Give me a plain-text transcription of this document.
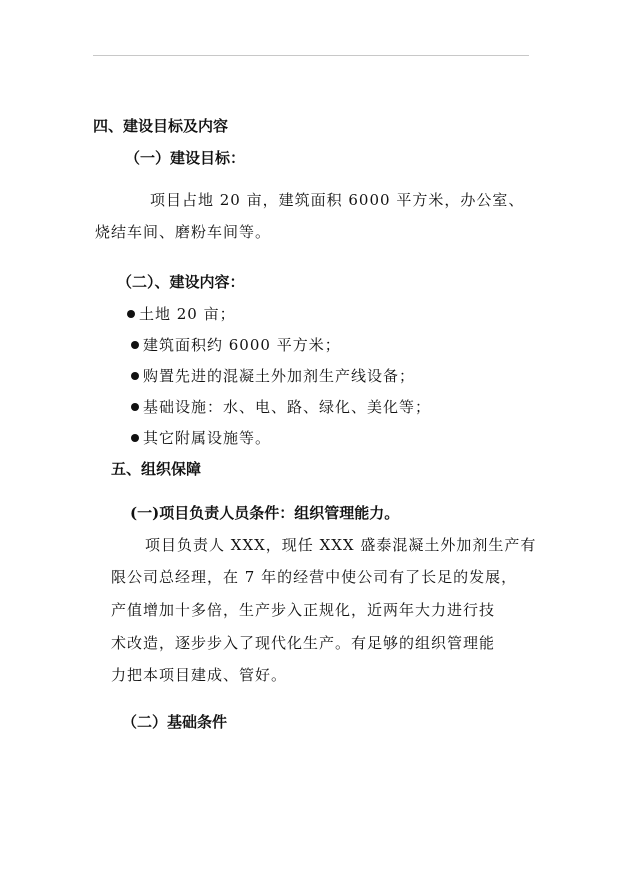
四、建设目标及内容
（一）建设目标：
项目占地 20 亩，建筑面积 6000 平方米，办公室、
烧结车间、磨粉车间等。
（二）、建设内容：
土地 20 亩；
建筑面积约 6000 平方米；
购置先进的混凝土外加剂生产线设备；
基础设施：水、电、路、绿化、美化等；
其它附属设施等。
五、组织保障
(一)项目负责人员条件：组织管理能力。
项目负责人 XXX，现任 XXX 盛泰混凝土外加剂生产有
限公司总经理，在 7 年的经营中使公司有了长足的发展，
产值增加十多倍，生产步入正规化，近两年大力进行技
术改造，逐步步入了现代化生产。有足够的组织管理能
力把本项目建成、管好。
（二）基础条件
